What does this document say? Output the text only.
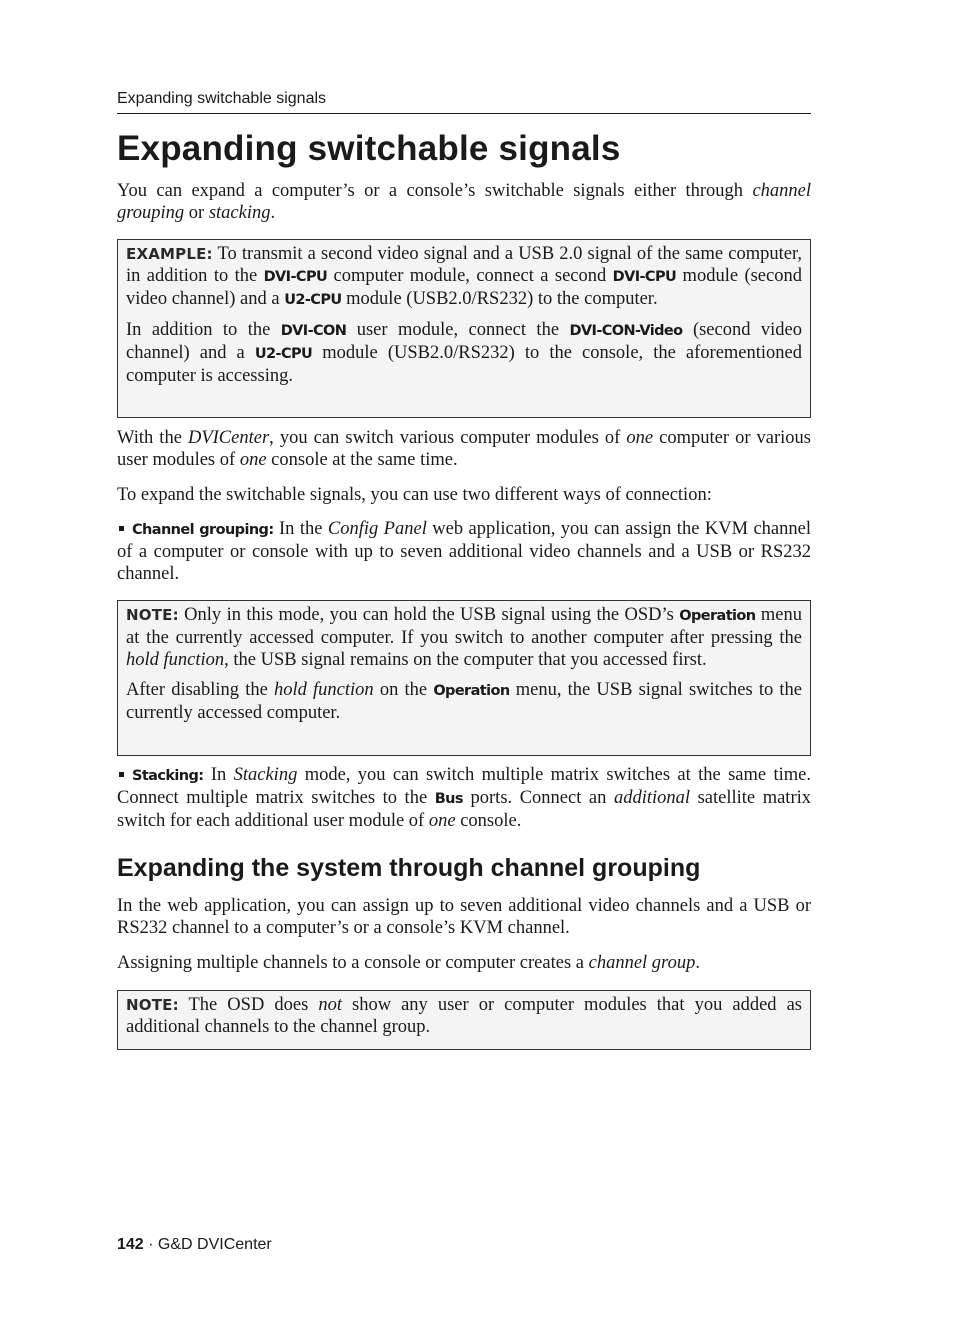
Expanding switchable signals
Expanding switchable signals

You can expand a computer’s or a console’s switchable signals either through channel grouping or stacking.

EXAMPLE: To transmit a second video signal and a USB 2.0 signal of the same computer, in addition to the DVI-CPU computer module, connect a second DVI-CPU module (second video channel) and a U2-CPU module (USB2.0/RS232) to the computer.

In addition to the DVI-CON user module, connect the DVI-CON-Video (second video channel) and a U2-CPU module (USB2.0/RS232) to the console, the aforementioned computer is accessing.

With the DVICenter, you can switch various computer modules of one computer or various user modules of one console at the same time.

To expand the switchable signals, you can use two different ways of connection:

Channel grouping: In the Config Panel web application, you can assign the KVM channel of a computer or console with up to seven additional video channels and a USB or RS232 channel.

NOTE: Only in this mode, you can hold the USB signal using the OSD’s Operation menu at the currently accessed computer. If you switch to another computer after pressing the hold function, the USB signal remains on the computer that you accessed first.

After disabling the hold function on the Operation menu, the USB signal switches to the currently accessed computer.

Stacking: In Stacking mode, you can switch multiple matrix switches at the same time. Connect multiple matrix switches to the Bus ports. Connect an additional satellite matrix switch for each additional user module of one console.

Expanding the system through channel grouping

In the web application, you can assign up to seven additional video channels and a USB or RS232 channel to a computer’s or a console’s KVM channel.

Assigning multiple channels to a console or computer creates a channel group.

NOTE: The OSD does not show any user or computer modules that you added as additional channels to the channel group.

142 · G&D DVICenter
